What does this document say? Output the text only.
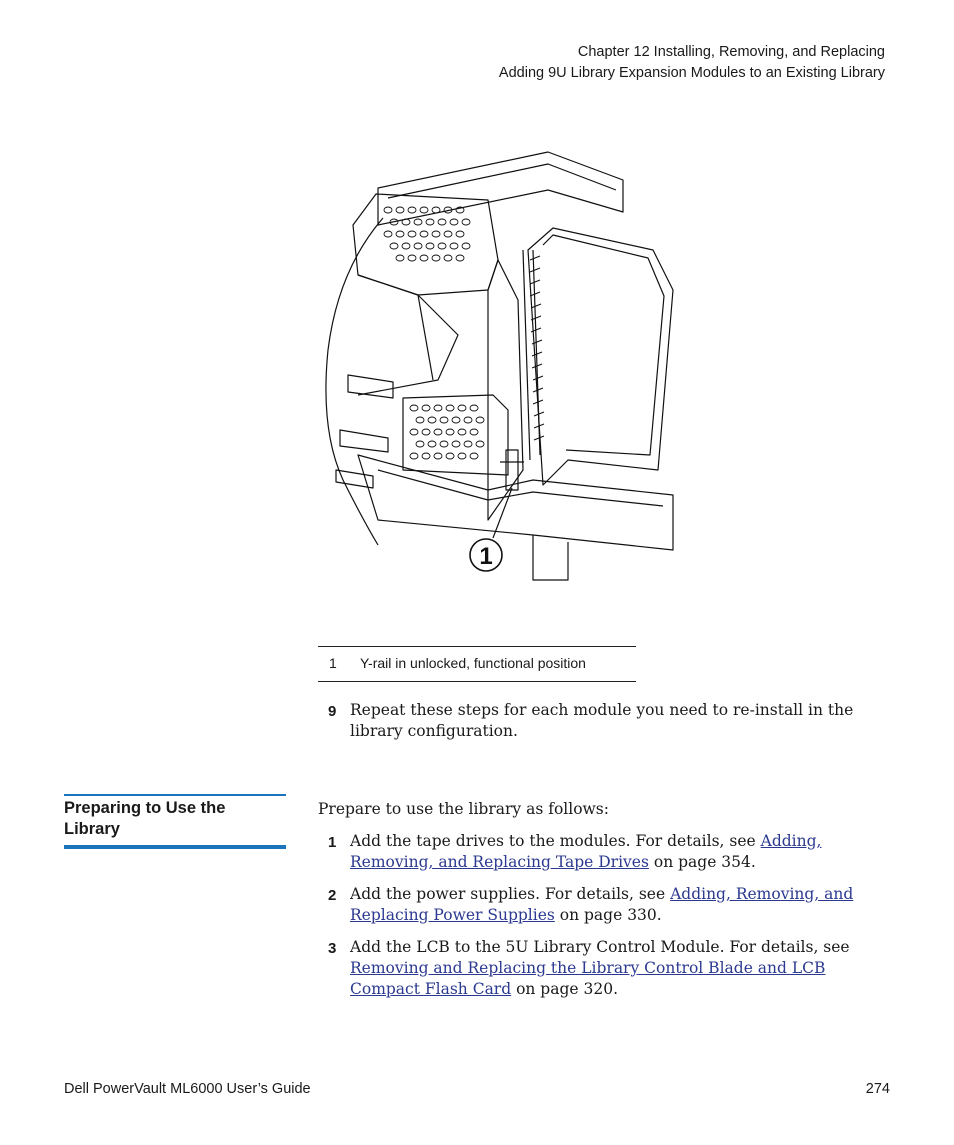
Chapter 12 Installing, Removing, and Replacing
Adding 9U Library Expansion Modules to an Existing Library
1
1 Y-rail in unlocked, functional position
9 Repeat these steps for each module you need to re-install in the
library configuration.
Preparing to Use the
Library
Prepare to use the library as follows:
1 Add the tape drives to the modules. For details, see Adding,
Removing, and Replacing Tape Drives on page 354.
2 Add the power supplies. For details, see Adding, Removing, and
Replacing Power Supplies on page 330.
3 Add the LCB to the 5U Library Control Module. For details, see
Removing and Replacing the Library Control Blade and LCB
Compact Flash Card on page 320.
Dell PowerVault ML6000 User’s Guide	274
